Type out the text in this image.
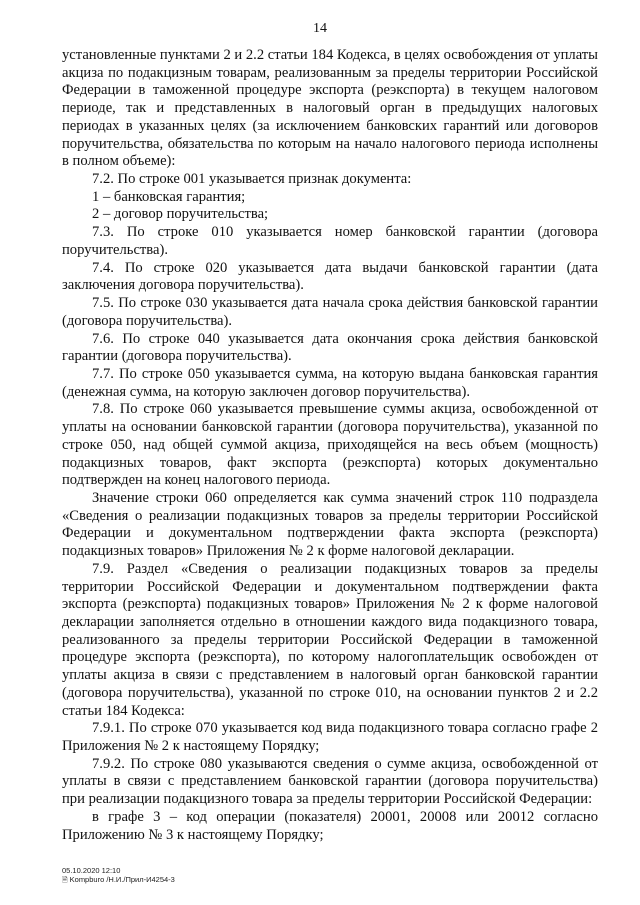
14

установленные пунктами 2 и 2.2 статьи 184 Кодекса, в целях освобождения от уплаты акциза по подакцизным товарам, реализованным за пределы территории Российской Федерации в таможенной процедуре экспорта (реэкспорта) в текущем налоговом периоде, так и представленных в налоговый орган в предыдущих налоговых периодах в указанных целях (за исключением банковских гарантий или договоров поручительства, обязательства по которым на начало налогового периода исполнены в полном объеме):

7.2. По строке 001 указывается признак документа:

1 – банковская гарантия;

2 – договор поручительства;

7.3. По строке 010 указывается номер банковской гарантии (договора поручительства).

7.4. По строке 020 указывается дата выдачи банковской гарантии (дата заключения договора поручительства).

7.5. По строке 030 указывается дата начала срока действия банковской гарантии (договора поручительства).

7.6. По строке 040 указывается дата окончания срока действия банковской гарантии (договора поручительства).

7.7. По строке 050 указывается сумма, на которую выдана банковская гарантия (денежная сумма, на которую заключен договор поручительства).

7.8. По строке 060 указывается превышение суммы акциза, освобожденной от уплаты на основании банковской гарантии (договора поручительства), указанной по строке 050, над общей суммой акциза, приходящейся на весь объем (мощность) подакцизных товаров, факт экспорта (реэкспорта) которых документально подтвержден на конец налогового периода.

Значение строки 060 определяется как сумма значений строк 110 подраздела «Сведения о реализации подакцизных товаров за пределы территории Российской Федерации и документальном подтверждении факта экспорта (реэкспорта) подакцизных товаров» Приложения № 2 к форме налоговой декларации.

7.9. Раздел «Сведения о реализации подакцизных товаров за пределы территории Российской Федерации и документальном подтверждении факта экспорта (реэкспорта) подакцизных товаров» Приложения № 2 к форме налоговой декларации заполняется отдельно в отношении каждого вида подакцизного товара, реализованного за пределы территории Российской Федерации в таможенной процедуре экспорта (реэкспорта), по которому налогоплательщик освобожден от уплаты акциза в связи с представлением в налоговый орган банковской гарантии (договора поручительства), указанной по строке 010, на основании пунктов 2 и 2.2 статьи 184 Кодекса:

7.9.1. По строке 070 указывается код вида подакцизного товара согласно графе 2 Приложения № 2 к настоящему Порядку;

7.9.2. По строке 080 указываются сведения о сумме акциза, освобожденной от уплаты в связи с представлением банковской гарантии (договора поручительства) при реализации подакцизного товара за пределы территории Российской Федерации:

в графе 3 – код операции (показателя) 20001, 20008 или 20012 согласно Приложению № 3 к настоящему Порядку;

05.10.2020 12:10
🗎 Kompburo /Н.И./Прил-И4254-3
